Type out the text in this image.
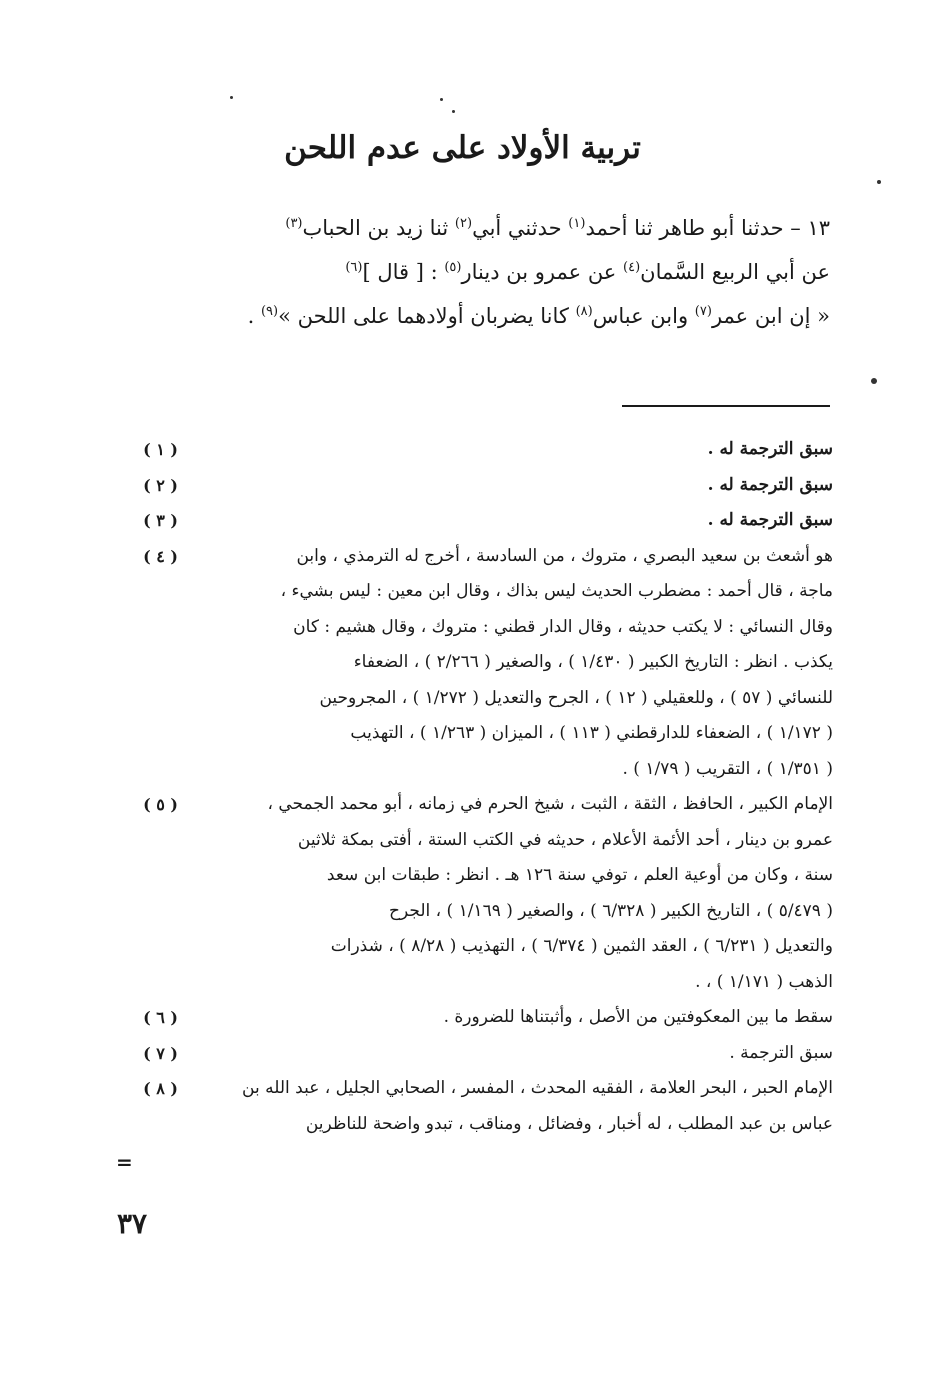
تربية الأولاد على عدم اللحن
١٣ – حدثنا أبو طاهر ثنا أحمد$^{(١)}$ حدثني أبي$^{(٢)}$ ثنا زيد بن الحباب$^{(٣)}$
عن أبي الربيع السَّمان$^{(٤)}$ عن عمرو بن دينار$^{(٥)}$ : [ قال ]$^{(٦)}$
« إن ابن عمر$^{(٧)}$ وابن عباس$^{(٨)}$ كانا يضربان أولادهما على اللحن »$^{(٩)}$ .
( ١ )	سبق الترجمة له .
( ٢ )	سبق الترجمة له .
( ٣ )	سبق الترجمة له .
( ٤ )	هو أشعث بن سعيد البصري ، متروك ، من السادسة ، أخرج له الترمذي ، وابن
ماجة ، قال أحمد : مضطرب الحديث ليس بذاك ، وقال ابن معين : ليس بشيء ،
وقال النسائي : لا يكتب حديثه ، وقال الدار قطني : متروك ، وقال هشيم : كان
يكذب . انظر : التاريخ الكبير ( ١/٤٣٠ ) ، والصغير ( ٢/٢٦٦ ) ، الضعفاء
للنسائي ( ٥٧ ) ، وللعقيلي ( ١٢ ) ، الجرح والتعديل ( ١/٢٧٢ ) ، المجروحين
( ١/١٧٢ ) ، الضعفاء للدارقطني ( ١١٣ ) ، الميزان ( ١/٢٦٣ ) ، التهذيب
( ١/٣٥١ ) ، التقريب ( ١/٧٩ ) .
( ٥ )	الإمام الكبير ، الحافظ ، الثقة ، الثبت ، شيخ الحرم في زمانه ، أبو محمد الجمحي ،
عمرو بن دينار ، أحد الأئمة الأعلام ، حديثه في الكتب الستة ، أفتى بمكة ثلاثين
سنة ، وكان من أوعية العلم ، توفي سنة ١٢٦ هـ . انظر : طبقات ابن سعد
( ٥/٤٧٩ ) ، التاريخ الكبير ( ٦/٣٢٨ ) ، والصغير ( ١/١٦٩ ) ، الجرح
والتعديل ( ٦/٢٣١ ) ، العقد الثمين ( ٦/٣٧٤ ) ، التهذيب ( ٨/٢٨ ) ، شذرات
الذهب ( ١/١٧١ ) ، .
( ٦ )	سقط ما بين المعكوفتين من الأصل ، وأثبتناها للضرورة .
( ٧ )	سبق الترجمة .
( ٨ )	الإمام الحبر ، البحر العلامة ، الفقيه المحدث ، المفسر ، الصحابي الجليل ، عبد الله بن
عباس بن عبد المطلب ، له أخبار ، وفضائل ، ومناقب ، تبدو واضحة للناظرين
=
٣٧
